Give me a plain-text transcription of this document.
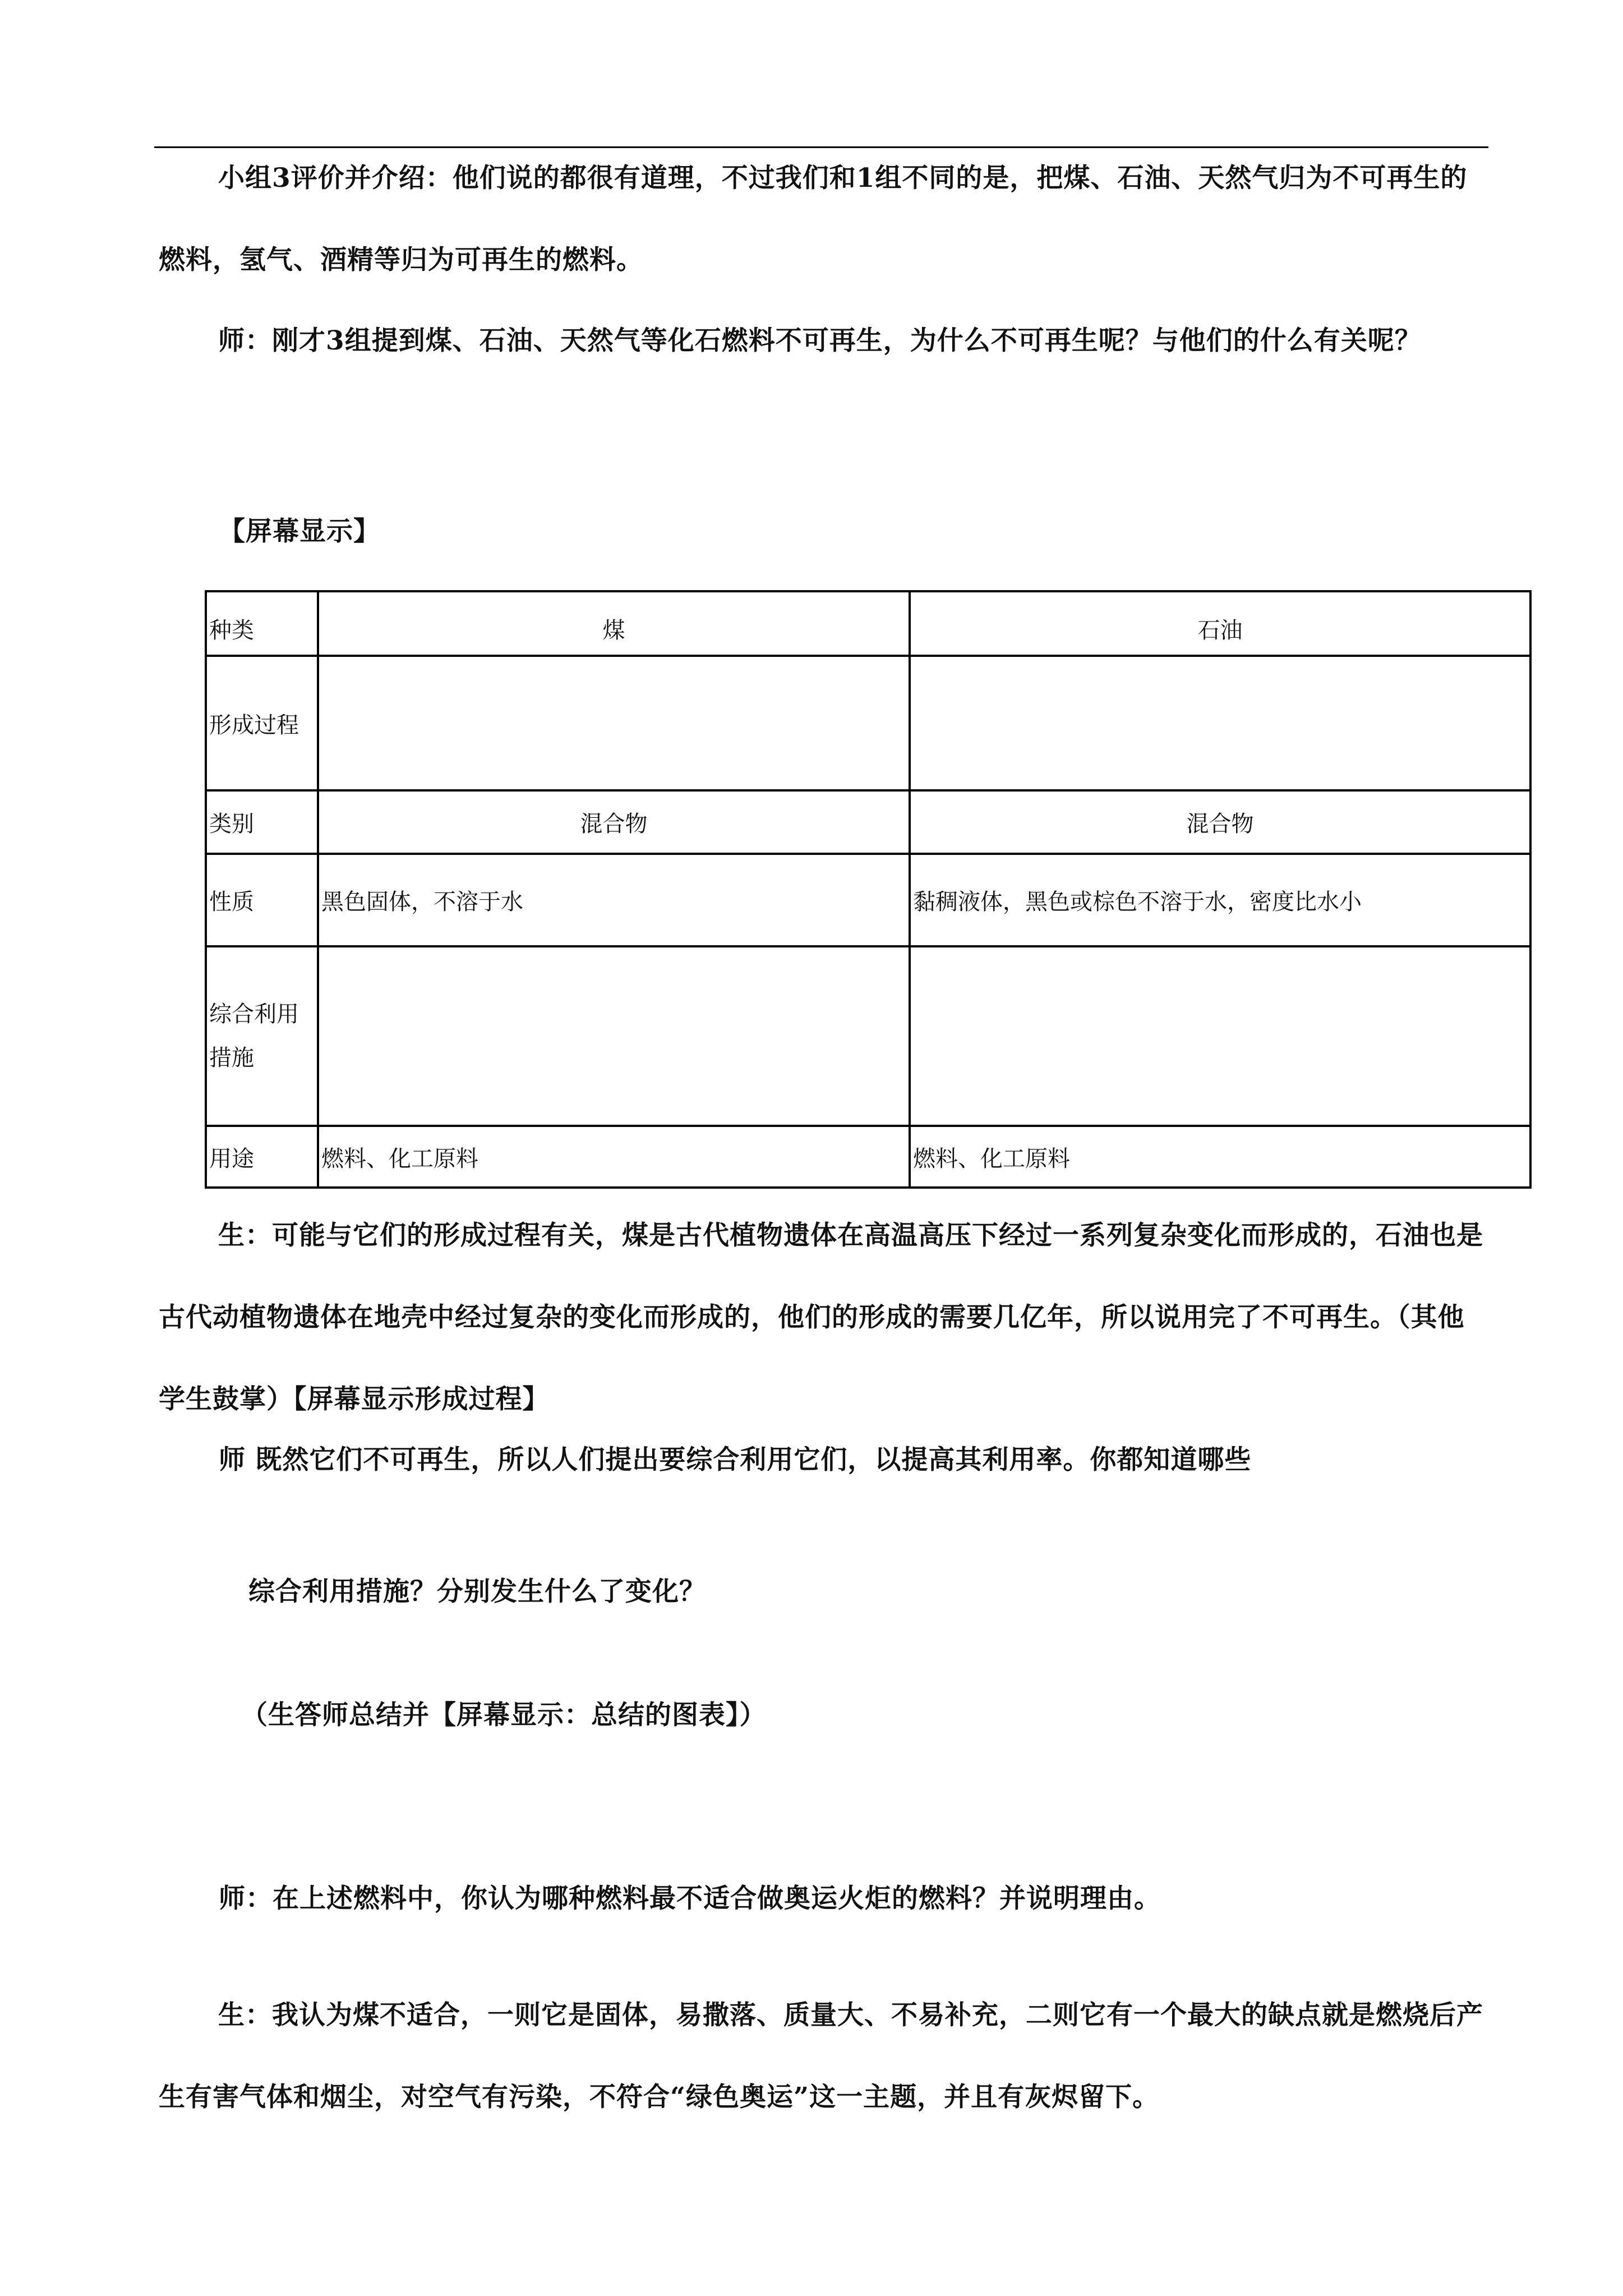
小组3评价并介绍：他们说的都很有道理，不过我们和1组不同的是，把煤、石油、天然气归为不可再生的燃料，氢气、酒精等归为可再生的燃料。

师：刚才3组提到煤、石油、天然气等化石燃料不可再生，为什么不可再生呢？与他们的什么有关呢？

【屏幕显示】

种类	煤	石油
形成过程		
类别	混合物	混合物
性质	黑色固体，不溶于水	黏稠液体，黑色或棕色不溶于水，密度比水小
综合利用措施		
用途	燃料、化工原料	燃料、化工原料

生：可能与它们的形成过程有关，煤是古代植物遗体在高温高压下经过一系列复杂变化而形成的，石油也是古代动植物遗体在地壳中经过复杂的变化而形成的，他们的形成的需要几亿年，所以说用完了不可再生。（其他学生鼓掌）【屏幕显示形成过程】

师 既然它们不可再生，所以人们提出要综合利用它们，以提高其利用率。你都知道哪些

综合利用措施？分别发生什么了变化？

（生答师总结并【屏幕显示：总结的图表】）

师：在上述燃料中，你认为哪种燃料最不适合做奥运火炬的燃料？并说明理由。

生：我认为煤不适合，一则它是固体，易撒落、质量大、不易补充，二则它有一个最大的缺点就是燃烧后产生有害气体和烟尘，对空气有污染，不符合“绿色奥运”这一主题，并且有灰烬留下。
